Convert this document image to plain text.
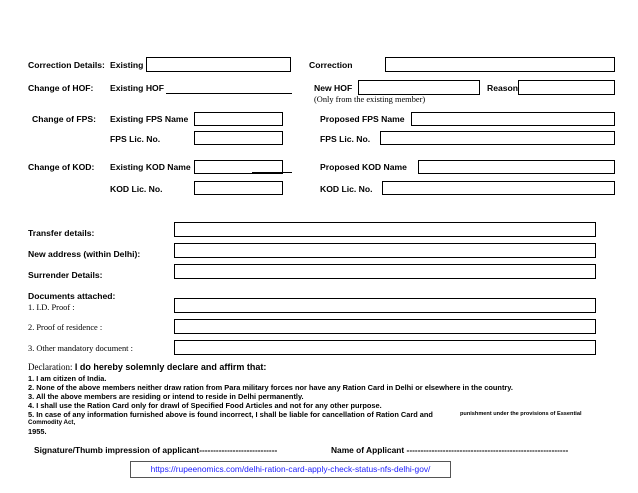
Correction Details: Existing	Correction
Change of HOF: Existing HOF	New HOF	Reason
(Only from the existing member)
Change of FPS: Existing FPS Name	Proposed FPS Name
FPS Lic. No.	FPS Lic. No.
Change of KOD: Existing KOD Name	Proposed KOD Name
KOD Lic. No.	KOD Lic. No.
Transfer details:
New address (within Delhi):
Surrender Details:
Documents attached:
1. I.D. Proof :
2. Proof of residence :
3. Other mandatory document :
Declaration: I do hereby solemnly declare and affirm that:
1. I am citizen of India.
2. None of the above members neither draw ration from Para military forces nor have any Ration Card in Delhi or elsewhere in the country.
3. All the above members are residing or intend to reside in Delhi permanently.
4. I shall use the Ration Card only for drawl of Specified Food Articles and not for any other purpose.
5. In case of any information furnished above is found incorrect, I shall be liable for cancellation of Ration Card and	punishment under the provisions of Essential
Commodity Act,
1955.
Signature/Thumb impression of applicant----------------------------	Name of Applicant ----------------------------------------------------------
https://rupeenomics.com/delhi-ration-card-apply-check-status-nfs-delhi-gov/
